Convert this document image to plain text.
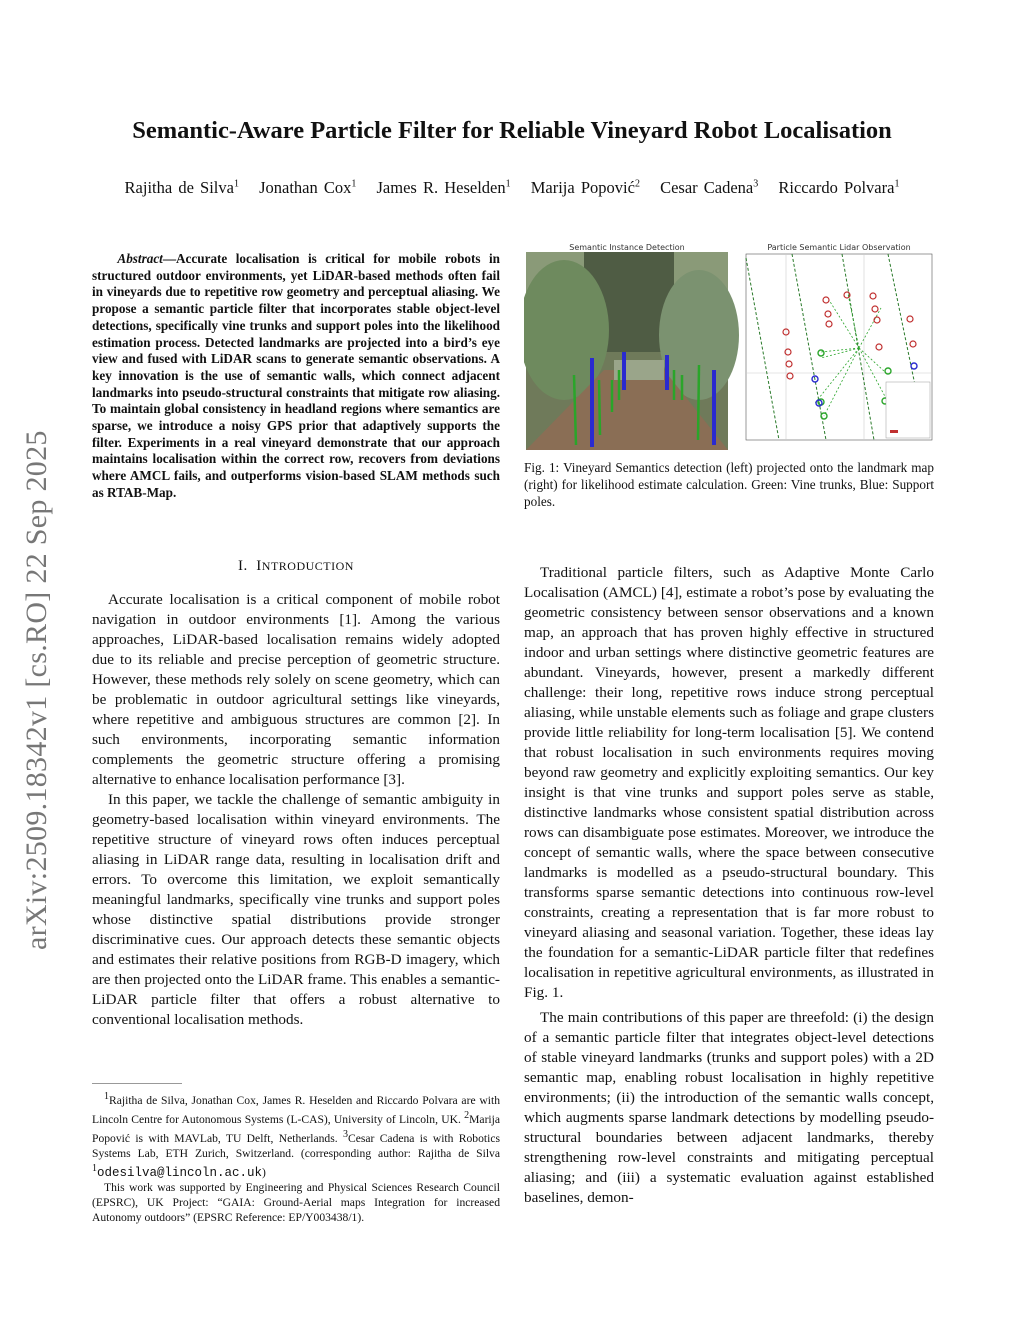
Semantic-Aware Particle Filter for Reliable Vineyard Robot Localisation
Rajitha de Silva$^1$ Jonathan Cox$^1$ James R. Heselden$^1$ Marija Popović$^2$ Cesar Cadena$^3$ Riccardo Polvara$^1$
arXiv:2509.18342v1 [cs.RO] 22 Sep 2025
Abstract—Accurate localisation is critical for mobile robots in structured outdoor environments, yet LiDAR-based methods often fail in vineyards due to repetitive row geometry and perceptual aliasing. We propose a semantic particle filter that incorporates stable object-level detections, specifically vine trunks and support poles into the likelihood estimation process. Detected landmarks are projected into a bird’s eye view and fused with LiDAR scans to generate semantic observations. A key innovation is the use of semantic walls, which connect adjacent landmarks into pseudo-structural constraints that mitigate row aliasing. To maintain global consistency in headland regions where semantics are sparse, we introduce a noisy GPS prior that adaptively supports the filter. Experiments in a real vineyard demonstrate that our approach maintains localisation within the correct row, recovers from deviations where AMCL fails, and outperforms vision-based SLAM methods such as RTAB-Map.
I. INTRODUCTION

Accurate localisation is a critical component of mobile robot navigation in outdoor environments [1]. Among the various approaches, LiDAR-based localisation remains widely adopted due to its reliable and precise perception of geometric structure. However, these methods rely solely on scene geometry, which can be problematic in outdoor agricultural settings like vineyards, where repetitive and ambiguous structures are common [2]. In such environments, incorporating semantic information complements the geometric structure offering a promising alternative to enhance localisation performance [3].

In this paper, we tackle the challenge of semantic ambiguity in geometry-based localisation within vineyard environments. The repetitive structure of vineyard rows often induces perceptual aliasing in LiDAR range data, resulting in localisation drift and errors. To overcome this limitation, we exploit semantically meaningful landmarks, specifically vine trunks and support poles whose distinctive spatial distributions provide stronger discriminative cues. Our approach detects these semantic objects and estimates their relative positions from RGB-D imagery, which are then projected onto the LiDAR frame. This enables a semantic-LiDAR particle filter that offers a robust alternative to conventional localisation methods.

$^1$Rajitha de Silva, Jonathan Cox, James R. Heselden and Riccardo Polvara are with Lincoln Centre for Autonomous Systems (L-CAS), University of Lincoln, UK. $^2$Marija Popović is with MAVLab, TU Delft, Netherlands. $^3$Cesar Cadena is with Robotics Systems Lab, ETH Zurich, Switzerland. (corresponding author: Rajitha de Silva $^1$odesilva@lincoln.ac.uk)

This work was supported by Engineering and Physical Sciences Research Council (EPSRC), UK Project: “GAIA: Ground-Aerial maps Integration for increased Autonomy outdoors” (EPSRC Reference: EP/Y003438/1).

Semantic Instance Detection	Particle Semantic Lidar Observation
Fig. 1: Vineyard Semantics detection (left) projected onto the landmark map (right) for likelihood estimate calculation. Green: Vine trunks, Blue: Support poles.

Traditional particle filters, such as Adaptive Monte Carlo Localisation (AMCL) [4], estimate a robot’s pose by evaluating the geometric consistency between sensor observations and a known map, an approach that has proven highly effective in structured indoor and urban settings where distinctive geometric features are abundant. Vineyards, however, present a markedly different challenge: their long, repetitive rows induce strong perceptual aliasing, while unstable elements such as foliage and grape clusters provide little reliability for long-term localisation [5]. We contend that robust localisation in such environments requires moving beyond raw geometry and explicitly exploiting semantics. Our key insight is that vine trunks and support poles serve as stable, distinctive landmarks whose consistent spatial distribution across rows can disambiguate pose estimates. Moreover, we introduce the concept of semantic walls, where the space between consecutive landmarks is modelled as a pseudo-structural boundary. This transforms sparse semantic detections into continuous row-level constraints, creating a representation that is far more robust to vineyard aliasing and seasonal variation. Together, these ideas lay the foundation for a semantic-LiDAR particle filter that redefines localisation in repetitive agricultural environments, as illustrated in Fig. 1.

The main contributions of this paper are threefold: (i) the design of a semantic particle filter that integrates object-level detections of stable vineyard landmarks (trunks and support poles) with a 2D semantic map, enabling robust localisation in highly repetitive environments; (ii) the introduction of the semantic walls concept, which augments sparse landmark detections by modelling pseudo-structural boundaries between adjacent landmarks, thereby strengthening row-level constraints and mitigating perceptual aliasing; and (iii) a systematic evaluation against established baselines, demon-
